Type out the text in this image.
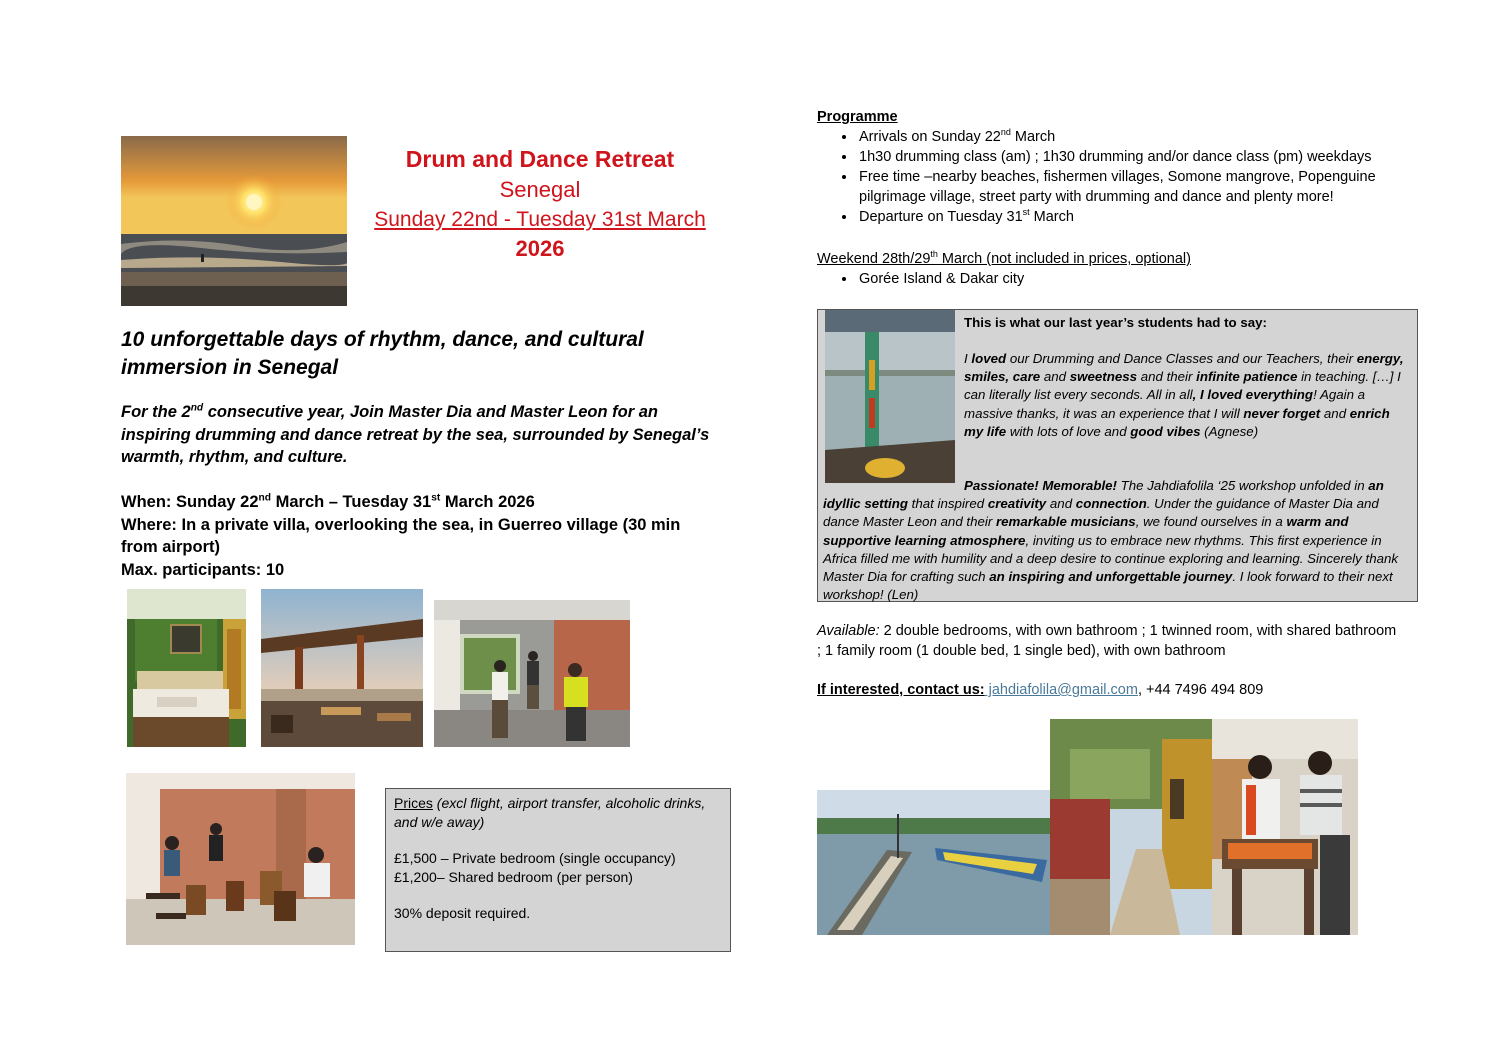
Drum and Dance Retreat
Senegal
Sunday 22nd - Tuesday 31st March
2026
10 unforgettable days of rhythm, dance, and cultural immersion in Senegal
For the 2nd consecutive year, Join Master Dia and Master Leon for an inspiring drumming and dance retreat by the sea, surrounded by Senegal’s warmth, rhythm, and culture.
When: Sunday 22nd March – Tuesday 31st March 2026
Where: In a private villa, overlooking the sea, in Guerreo village (30 min from airport)
Max. participants: 10
Prices (excl flight, airport transfer, alcoholic drinks, and w/e away)
£1,500 – Private bedroom (single occupancy)
£1,200– Shared bedroom (per person)
30% deposit required.
Programme
• Arrivals on Sunday 22nd March
• 1h30 drumming class (am) ; 1h30 drumming and/or dance class (pm) weekdays
• Free time –nearby beaches, fishermen villages, Somone mangrove, Popenguine pilgrimage village, street party with drumming and dance and plenty more!
• Departure on Tuesday 31st March
Weekend 28th/29th March (not included in prices, optional)
• Gorée Island & Dakar city
This is what our last year’s students had to say:
I loved our Drumming and Dance Classes and our Teachers, their energy, smiles, care and sweetness and their infinite patience in teaching. […] I can literally list every seconds. All in all, I loved everything! Again a massive thanks, it was an experience that I will never forget and enrich my life with lots of love and good vibes (Agnese)
Passionate! Memorable! The Jahdiafolila ‘25 workshop unfolded in an idyllic setting that inspired creativity and connection. Under the guidance of Master Dia and dance Master Leon and their remarkable musicians, we found ourselves in a warm and supportive learning atmosphere, inviting us to embrace new rhythms. This first experience in Africa filled me with humility and a deep desire to continue exploring and learning. Sincerely thank Master Dia for crafting such an inspiring and unforgettable journey. I look forward to their next workshop! (Len)
Available: 2 double bedrooms, with own bathroom ; 1 twinned room, with shared bathroom ; 1 family room (1 double bed, 1 single bed), with own bathroom
If interested, contact us: jahdiafolila@gmail.com, +44 7496 494 809
